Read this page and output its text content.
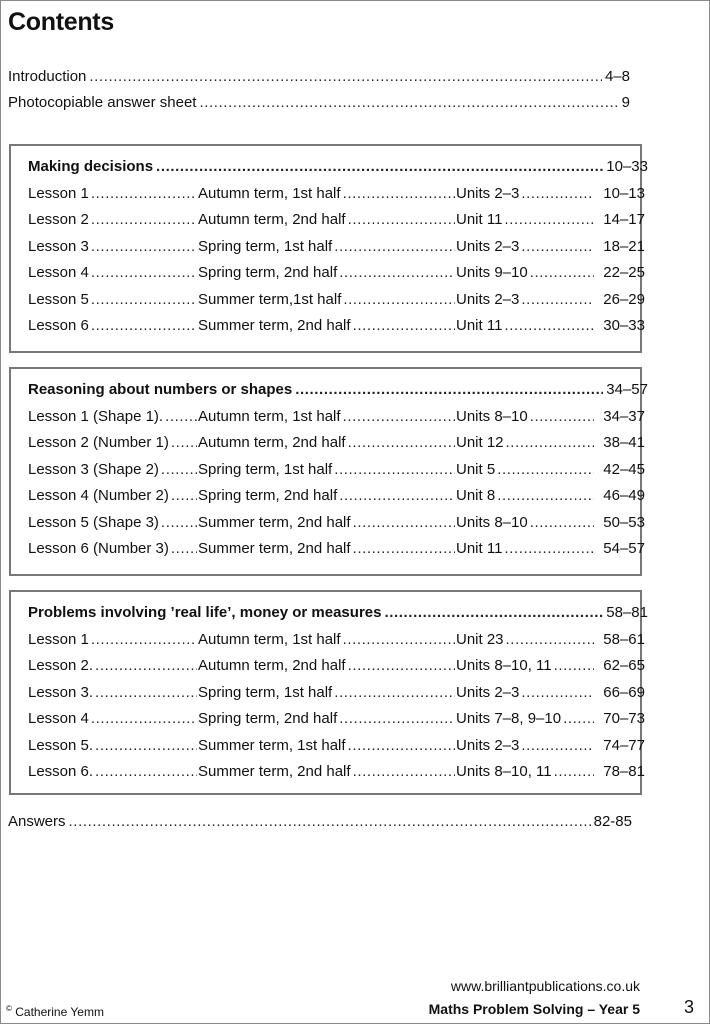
Contents
Introduction .....	4–8
Photocopiable answer sheet .....	9
Making decisions .....	10–33
Lesson 1 .....	Autumn term, 1st half .....	Units 2–3 .....	10–13
Lesson 2 .....	Autumn term, 2nd half .....	Unit 11 .....	14–17
Lesson 3 .....	Spring term, 1st half .....	Units 2–3 .....	18–21
Lesson 4 .....	Spring term, 2nd half .....	Units 9–10 .....	22–25
Lesson 5 .....	Summer term,1st half .....	Units 2–3 .....	26–29
Lesson 6 .....	Summer term, 2nd half .....	Unit 11 .....	30–33
Reasoning about numbers or shapes .....	34–57
Lesson 1 (Shape 1). ..... Autumn term, 1st half .....	Units 8–10 .....	34–37
Lesson 2 (Number 1) ..... Autumn term, 2nd half .....	Unit 12 .....	38–41
Lesson 3 (Shape 2) .....	Spring term, 1st half .....	Unit 5 .....	42–45
Lesson 4 (Number 2) ..... Spring term, 2nd half .....	Unit 8 .....	46–49
Lesson 5 (Shape 3) .....	Summer term, 2nd half .....	Units 8–10 .....	50–53
Lesson 6 (Number 3) ..... Summer term, 2nd half .....	Unit 11 .....	54–57
Problems involving ’real life’, money or measures .....	58–81
Lesson 1 .....	Autumn term, 1st half .....	Unit 23 .....	58–61
Lesson 2. .....	Autumn term, 2nd half .....	Units 8–10, 11 .....	62–65
Lesson 3. .....	Spring term, 1st half .....	Units 2–3 .....	66–69
Lesson 4 .....	Spring term, 2nd half .....	Units 7–8, 9–10 .....	70–73
Lesson 5. .....	Summer term, 1st half .....	Units 2–3 .....	74–77
Lesson 6. .....	Summer term, 2nd half .....	Units 8–10, 11 .....	78–81
Answers .....	82-85
www.brilliantpublications.co.uk
© Catherine Yemm	Maths Problem Solving – Year 5 3
